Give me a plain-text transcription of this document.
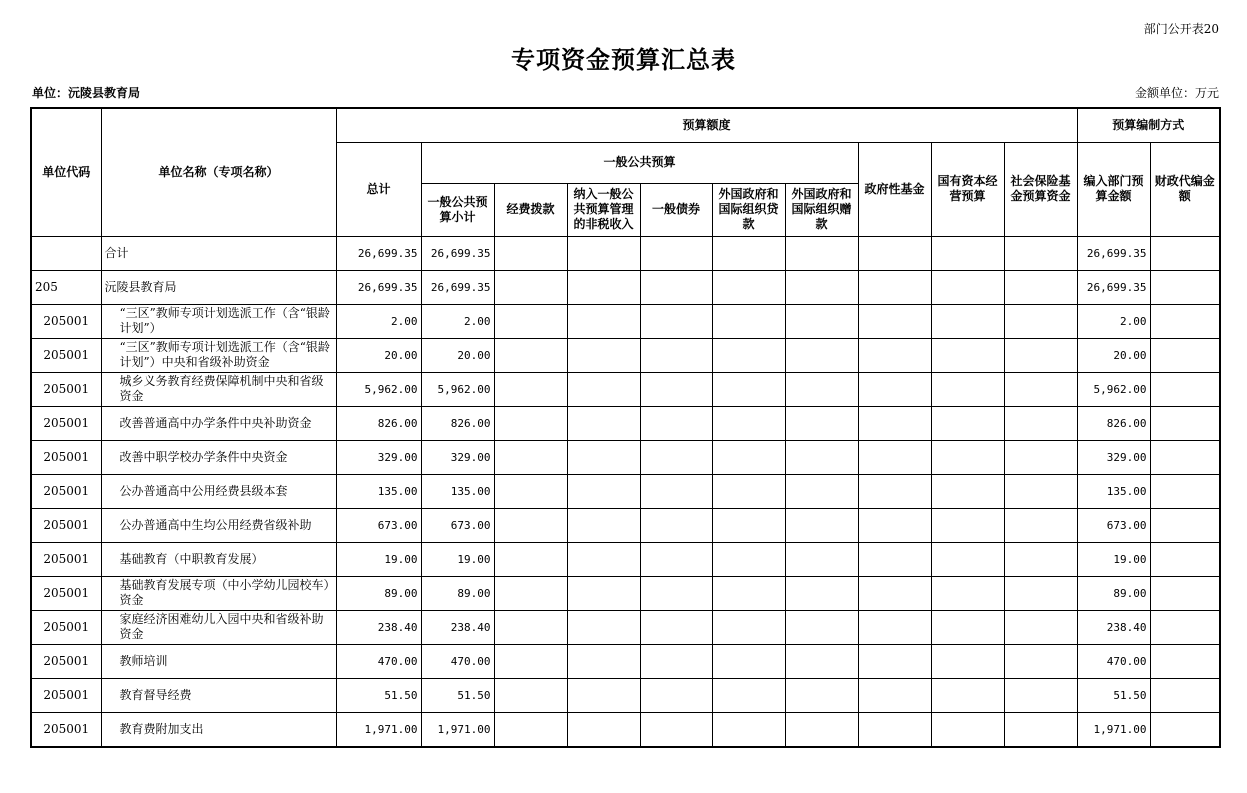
部门公开表20
专项资金预算汇总表
单位：沅陵县教育局	金额单位：万元
单位代码	单位名称（专项名称）	预算额度										预算编制方式	
		总计	一般公共预算						政府性基金	国有资本经营预算	社会保险基金预算资金	编入部门预算金额	财政代编金额
			一般公共预算小计	经费拨款	纳入一般公共预算管理的非税收入	一般债券	外国政府和国际组织贷款	外国政府和国际组织赠款					
	合计	26,699.35	26,699.35									26,699.35	
205	沅陵县教育局	26,699.35	26,699.35									26,699.35	
205001	“三区”教师专项计划选派工作（含“银龄计划”）	2.00	2.00									2.00	
205001	“三区”教师专项计划选派工作（含“银龄计划”）中央和省级补助资金	20.00	20.00									20.00	
205001	城乡义务教育经费保障机制中央和省级资金	5,962.00	5,962.00									5,962.00	
205001	改善普通高中办学条件中央补助资金	826.00	826.00									826.00	
205001	改善中职学校办学条件中央资金	329.00	329.00									329.00	
205001	公办普通高中公用经费县级本套	135.00	135.00									135.00	
205001	公办普通高中生均公用经费省级补助	673.00	673.00									673.00	
205001	基础教育（中职教育发展）	19.00	19.00									19.00	
205001	基础教育发展专项（中小学幼儿园校车）资金	89.00	89.00									89.00	
205001	家庭经济困难幼儿入园中央和省级补助资金	238.40	238.40									238.40	
205001	教师培训	470.00	470.00									470.00	
205001	教育督导经费	51.50	51.50									51.50	
205001	教育费附加支出	1,971.00	1,971.00									1,971.00	
